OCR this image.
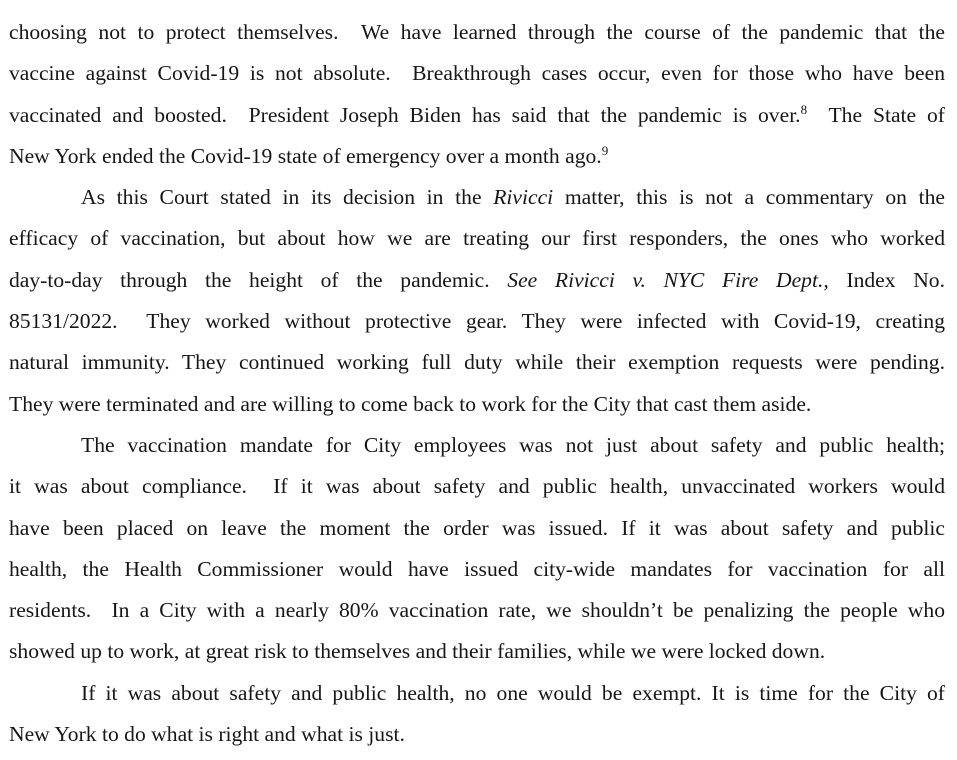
choosing not to protect themselves.  We have learned through the course of the pandemic that the
vaccine against Covid-19 is not absolute.  Breakthrough cases occur, even for those who have been
vaccinated and boosted.  President Joseph Biden has said that the pandemic is over.$^8$  The State of
New York ended the Covid-19 state of emergency over a month ago.$^9$
As this Court stated in its decision in the Rivicci matter, this is not a commentary on the
efficacy of vaccination, but about how we are treating our first responders, the ones who worked
day-to-day through the height of the pandemic. See Rivicci v. NYC Fire Dept., Index No.
85131/2022.  They worked without protective gear. They were infected with Covid-19, creating
natural immunity. They continued working full duty while their exemption requests were pending.
They were terminated and are willing to come back to work for the City that cast them aside.
The vaccination mandate for City employees was not just about safety and public health;
it was about compliance.  If it was about safety and public health, unvaccinated workers would
have been placed on leave the moment the order was issued. If it was about safety and public
health, the Health Commissioner would have issued city-wide mandates for vaccination for all
residents.  In a City with a nearly 80% vaccination rate, we shouldn’t be penalizing the people who
showed up to work, at great risk to themselves and their families, while we were locked down.
If it was about safety and public health, no one would be exempt. It is time for the City of
New York to do what is right and what is just.
